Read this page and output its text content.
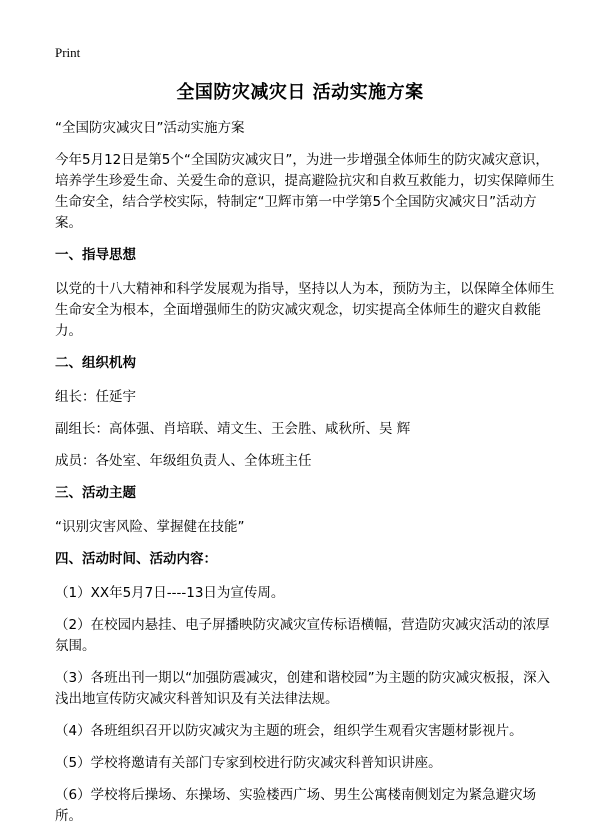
Print
全国防灾减灾日 活动实施方案

“全国防灾减灾日”活动实施方案

今年5月12日是第5个“全国防灾减灾日”，为进一步增强全体师生的防灾减灾意识，培养学生珍爱生命、关爱生命的意识，提高避险抗灾和自救互救能力，切实保障师生生命安全，结合学校实际，特制定“卫辉市第一中学第5个全国防灾减灾日”活动方案。

一、指导思想

以党的十八大精神和科学发展观为指导，坚持以人为本，预防为主，以保障全体师生生命安全为根本，全面增强师生的防灾减灾观念，切实提高全体师生的避灾自救能力。

二、组织机构

组长：任延宇

副组长：高体强、肖培联、靖文生、王会胜、咸秋所、吴 辉

成员：各处室、年级组负责人、全体班主任

三、活动主题

“识别灾害风险、掌握健在技能”

四、活动时间、活动内容：

（1）XX年5月7日----13日为宣传周。

（2）在校园内悬挂、电子屏播映防灾减灾宣传标语横幅，营造防灾减灾活动的浓厚氛围。

（3）各班出刊一期以“加强防震减灾，创建和谐校园”为主题的防灾减灾板报，深入浅出地宣传防灾减灾科普知识及有关法律法规。

（4）各班组织召开以防灾减灾为主题的班会，组织学生观看灾害题材影视片。

（5）学校将邀请有关部门专家到校进行防灾减灾科普知识讲座。

（6）学校将后操场、东操场、实验楼西广场、男生公寓楼南侧划定为紧急避灾场所。
